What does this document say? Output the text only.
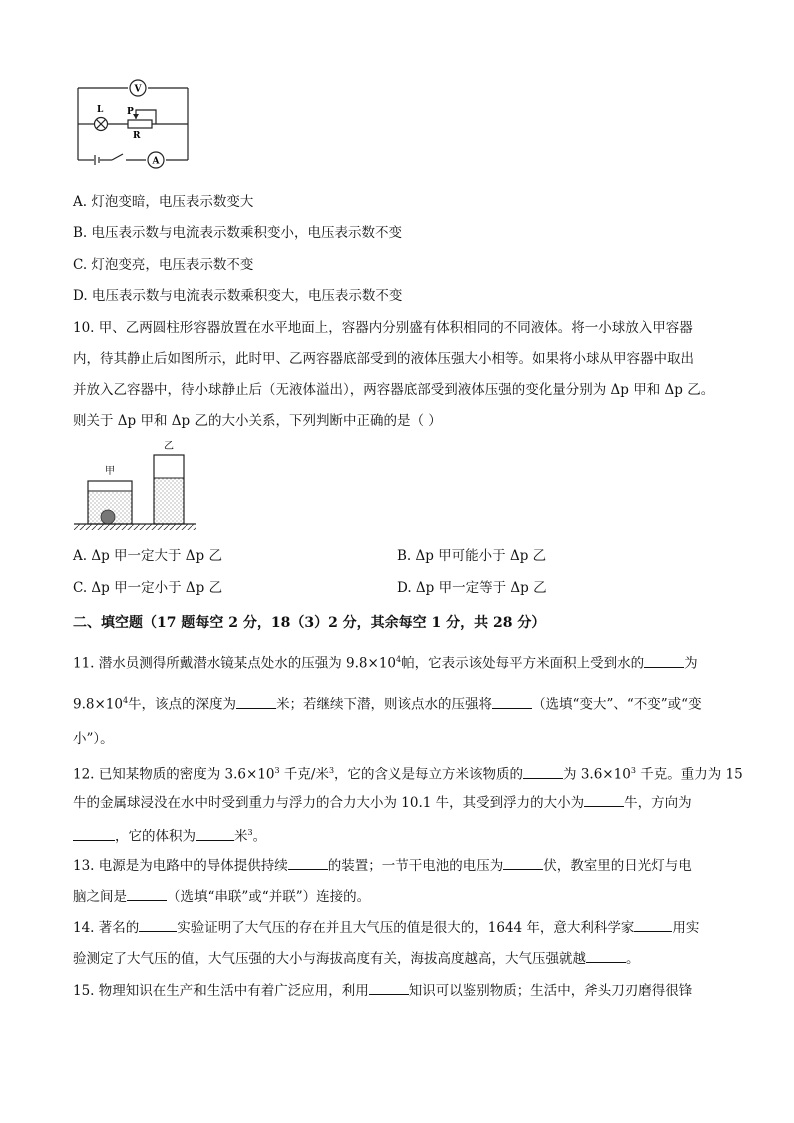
V
A
L	P
R
A. 灯泡变暗，电压表示数变大
B. 电压表示数与电流表示数乘积变小，电压表示数不变
C. 灯泡变亮，电压表示数不变
D. 电压表示数与电流表示数乘积变大，电压表示数不变
10. 甲、乙两圆柱形容器放置在水平地面上，容器内分别盛有体积相同的不同液体。将一小球放入甲容器
内，待其静止后如图所示，此时甲、乙两容器底部受到的液体压强大小相等。如果将小球从甲容器中取出
并放入乙容器中，待小球静止后（无液体溢出），两容器底部受到液体压强的变化量分别为 Δp 甲和 Δp 乙。
则关于 Δp 甲和 Δp 乙的大小关系，下列判断中正确的是（ ）
甲
乙
A. Δp 甲一定大于 Δp 乙	B. Δp 甲可能小于 Δp 乙
C. Δp 甲一定小于 Δp 乙	D. Δp 甲一定等于 Δp 乙
二、填空题（17 题每空 2 分，18（3）2 分，其余每空 1 分，共 28 分）
11. 潜水员测得所戴潜水镜某点处水的压强为 $9.8\times 10^4$帕，它表示该处每平方米面积上受到水的	为
$9.8\times 10^4$牛，该点的深度为	米；若继续下潜，则该点水的压强将	（选填“变大”、“不变”或“变
小”）。
12. 已知某物质的密度为 $3.6\times 10^3$ 千克/米$^3$，它的含义是每立方米该物质的	为 $3.6\times 10^3$ 千克。重力为 15
牛的金属球浸没在水中时受到重力与浮力的合力大小为 10.1 牛，其受到浮力的大小为	牛，方向为
，它的体积为	米$^3$。
13. 电源是为电路中的导体提供持续	的装置；一节干电池的电压为	伏，教室里的日光灯与电
脑之间是	（选填“串联”或“并联”）连接的。
14. 著名的	实验证明了大气压的存在并且大气压的值是很大的，1644 年，意大利科学家	用实
验测定了大气压的值，大气压强的大小与海拔高度有关，海拔高度越高，大气压强就越	。
15. 物理知识在生产和生活中有着广泛应用，利用	知识可以鉴别物质；生活中，斧头刀刃磨得很锋
